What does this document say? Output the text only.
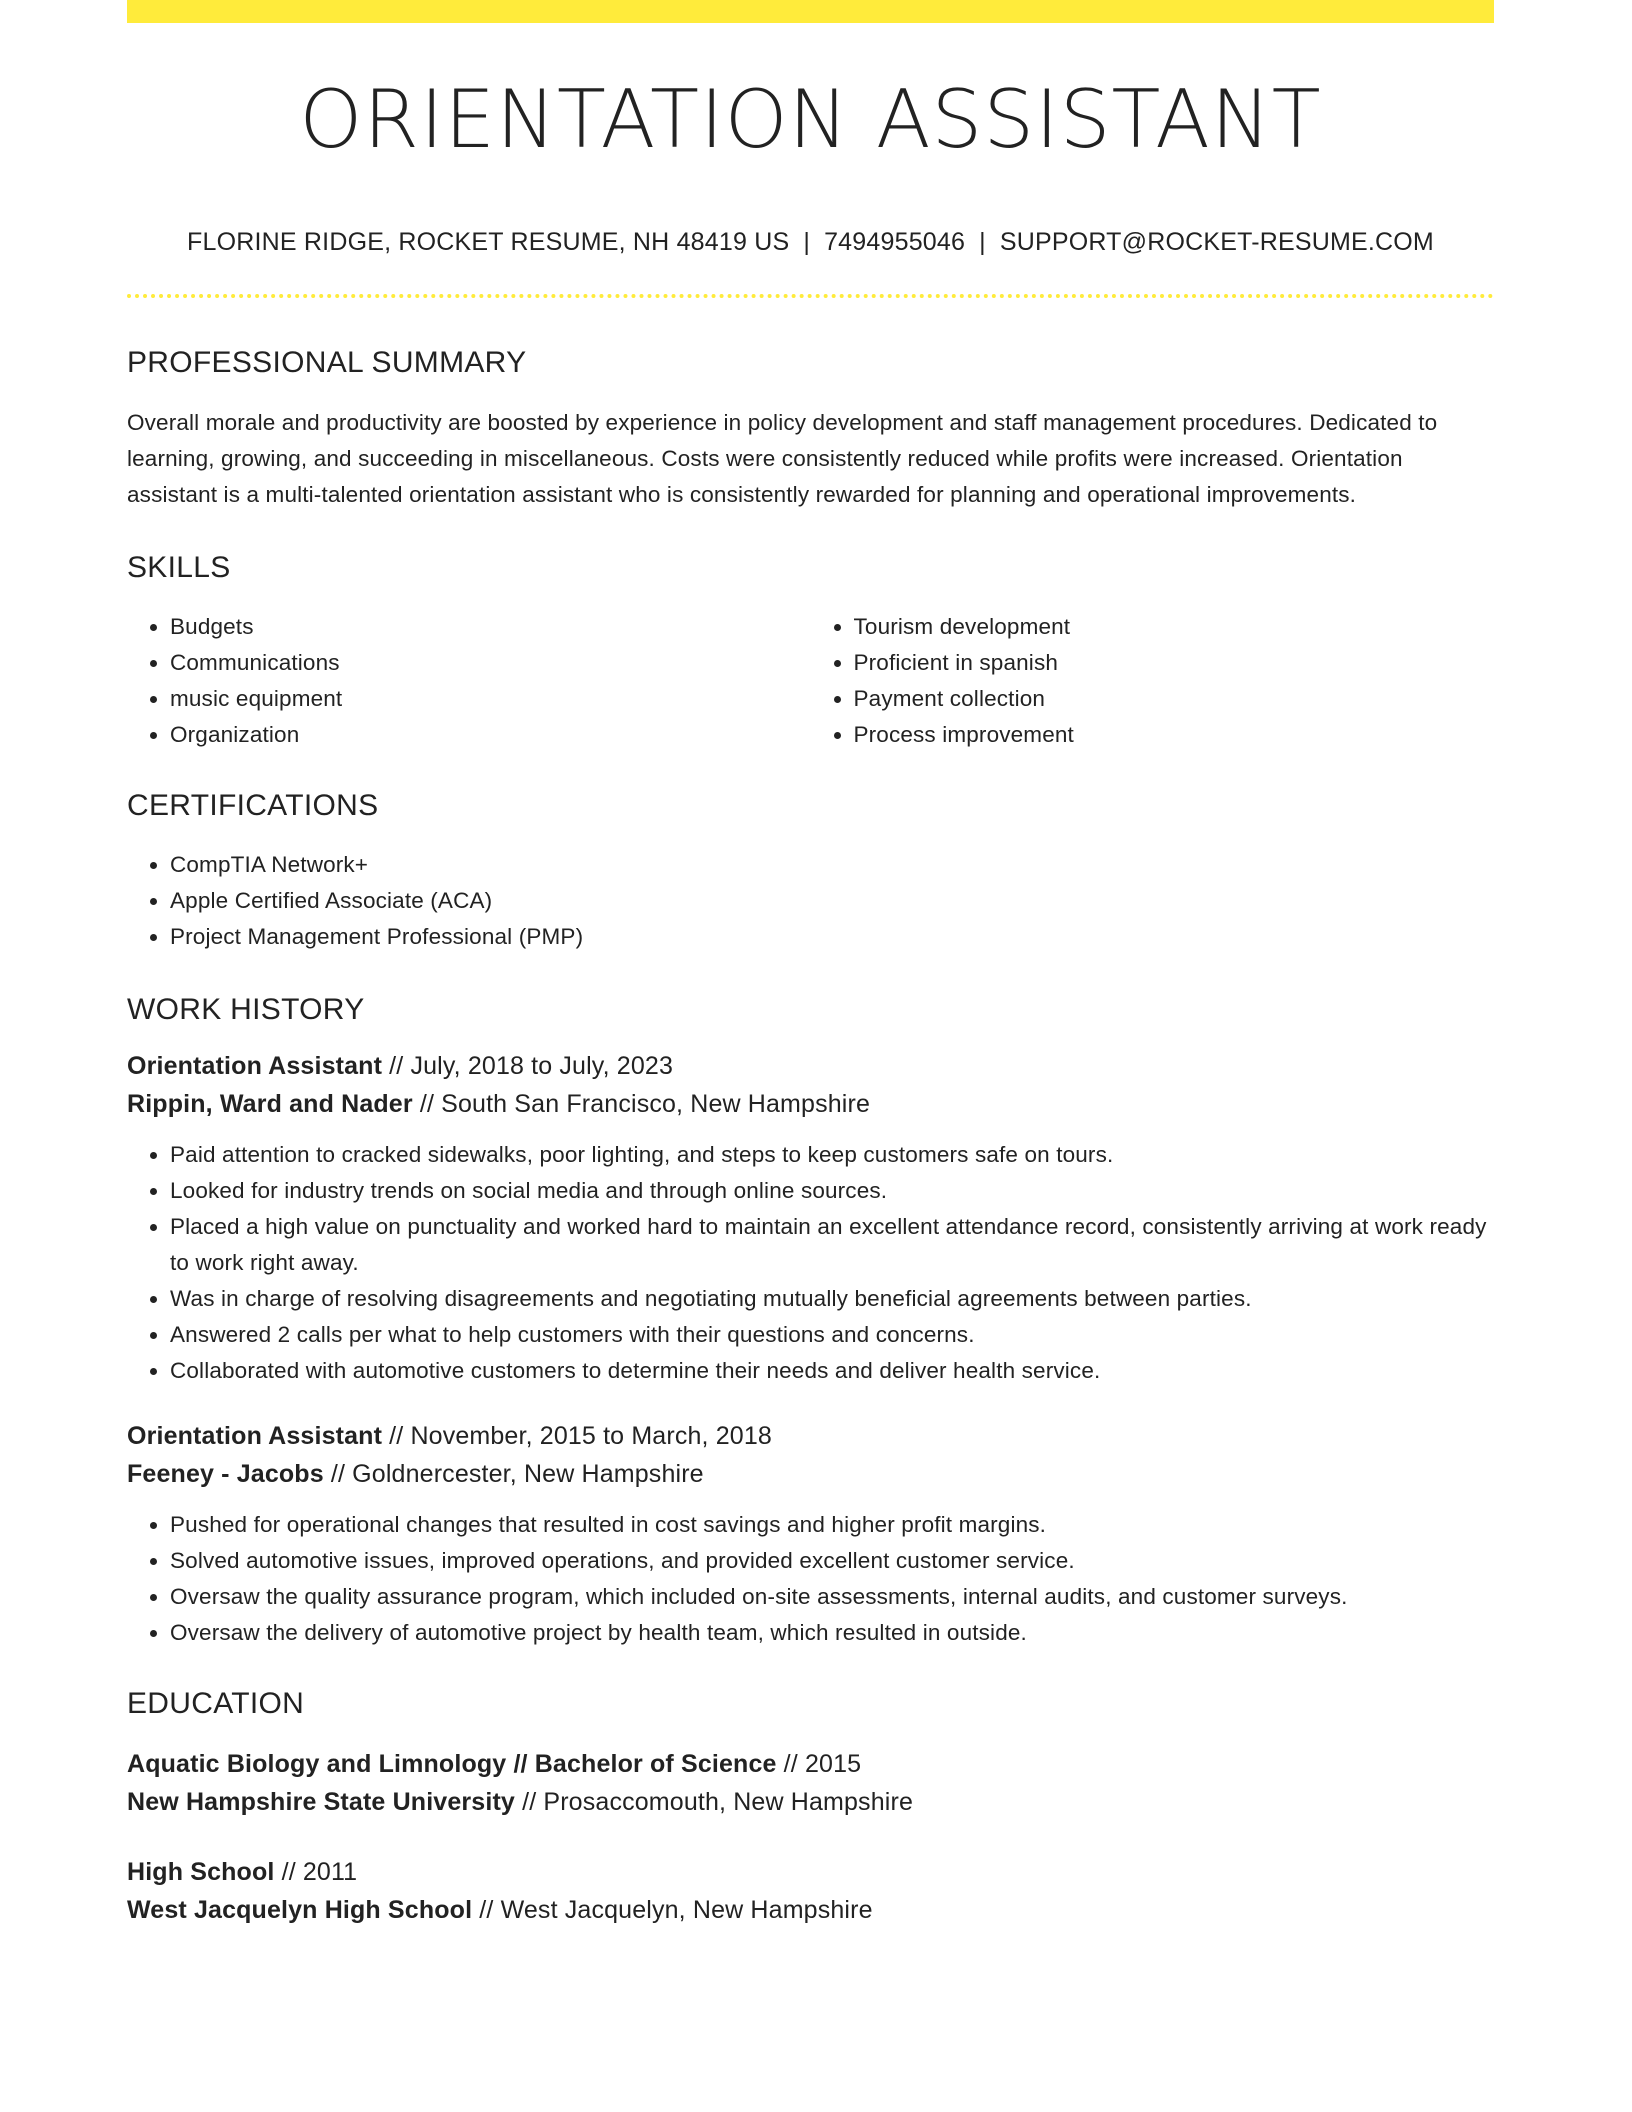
ORIENTATION ASSISTANT
FLORINE RIDGE, ROCKET RESUME, NH 48419 US | 7494955046 | SUPPORT@ROCKET-RESUME.COM
PROFESSIONAL SUMMARY
Overall morale and productivity are boosted by experience in policy development and staff management procedures. Dedicated to learning, growing, and succeeding in miscellaneous. Costs were consistently reduced while profits were increased. Orientation assistant is a multi-talented orientation assistant who is consistently rewarded for planning and operational improvements.
SKILLS
• Budgets
• Communications
• music equipment
• Organization
• Tourism development
• Proficient in spanish
• Payment collection
• Process improvement
CERTIFICATIONS
• CompTIA Network+
• Apple Certified Associate (ACA)
• Project Management Professional (PMP)
WORK HISTORY
Orientation Assistant // July, 2018 to July, 2023
Rippin, Ward and Nader // South San Francisco, New Hampshire
• Paid attention to cracked sidewalks, poor lighting, and steps to keep customers safe on tours.
• Looked for industry trends on social media and through online sources.
• Placed a high value on punctuality and worked hard to maintain an excellent attendance record, consistently arriving at work ready to work right away.
• Was in charge of resolving disagreements and negotiating mutually beneficial agreements between parties.
• Answered 2 calls per what to help customers with their questions and concerns.
• Collaborated with automotive customers to determine their needs and deliver health service.
Orientation Assistant // November, 2015 to March, 2018
Feeney - Jacobs // Goldnercester, New Hampshire
• Pushed for operational changes that resulted in cost savings and higher profit margins.
• Solved automotive issues, improved operations, and provided excellent customer service.
• Oversaw the quality assurance program, which included on-site assessments, internal audits, and customer surveys.
• Oversaw the delivery of automotive project by health team, which resulted in outside.
EDUCATION
Aquatic Biology and Limnology // Bachelor of Science // 2015
New Hampshire State University // Prosaccomouth, New Hampshire
High School // 2011
West Jacquelyn High School // West Jacquelyn, New Hampshire
